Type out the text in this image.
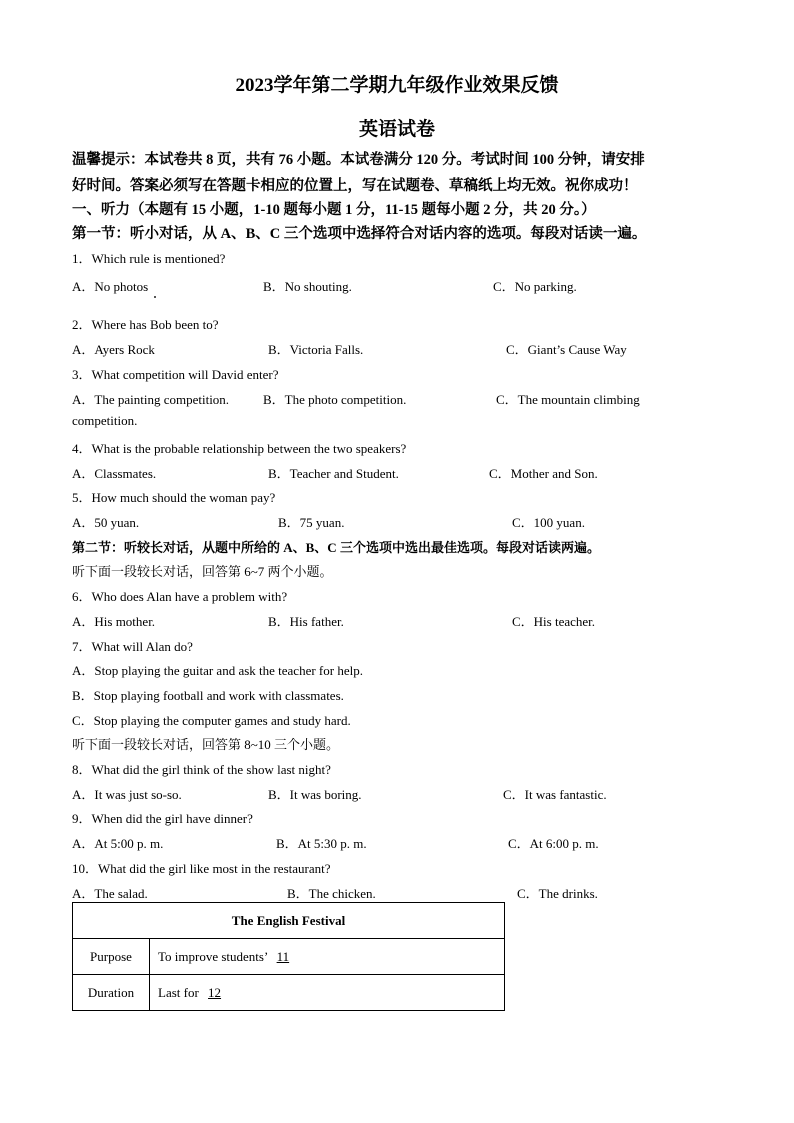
2023学年第二学期九年级作业效果反馈
英语试卷
温馨提示：本试卷共 8 页，共有 76 小题。本试卷满分 120 分。考试时间 100 分钟，请安排
好时间。答案必须写在答题卡相应的位置上，写在试题卷、草稿纸上均无效。祝你成功！
一、听力（本题有 15 小题，1-10 题每小题 1 分，11-15 题每小题 2 分，共 20 分。）
第一节：听小对话，从 A、B、C 三个选项中选择符合对话内容的选项。每段对话读一遍。
1．Which rule is mentioned?
A．No photos	B．No shouting.	C．No parking.
2．Where has Bob been to?
A．Ayers Rock	B．Victoria Falls.	C．Giant’s Cause Way
3．What competition will David enter?
A．The painting competition.	B．The photo competition.	C．The mountain climbing
competition.
4．What is the probable relationship between the two speakers?
A．Classmates.	B．Teacher and Student.	C．Mother and Son.
5．How much should the woman pay?
A．50 yuan.	B．75 yuan.	C．100 yuan.
第二节：听较长对话，从题中所给的 A、B、C 三个选项中选出最佳选项。每段对话读两遍。
听下面一段较长对话，回答第 6~7 两个小题。
6．Who does Alan have a problem with?
A．His mother.	B．His father.	C．His teacher.
7．What will Alan do?
A．Stop playing the guitar and ask the teacher for help.
B．Stop playing football and work with classmates.
C．Stop playing the computer games and study hard.
听下面一段较长对话，回答第 8~10 三个小题。
8．What did the girl think of the show last night?
A．It was just so-so.	B．It was boring.	C．It was fantastic.
9．When did the girl have dinner?
A．At 5:00 p. m.	B．At 5:30 p. m.	C．At 6:00 p. m.
10．What did the girl like most in the restaurant?
A．The salad.	B．The chicken.	C．The drinks.
The English Festival	
Purpose	To improve students’ 11
Duration	Last for 12
